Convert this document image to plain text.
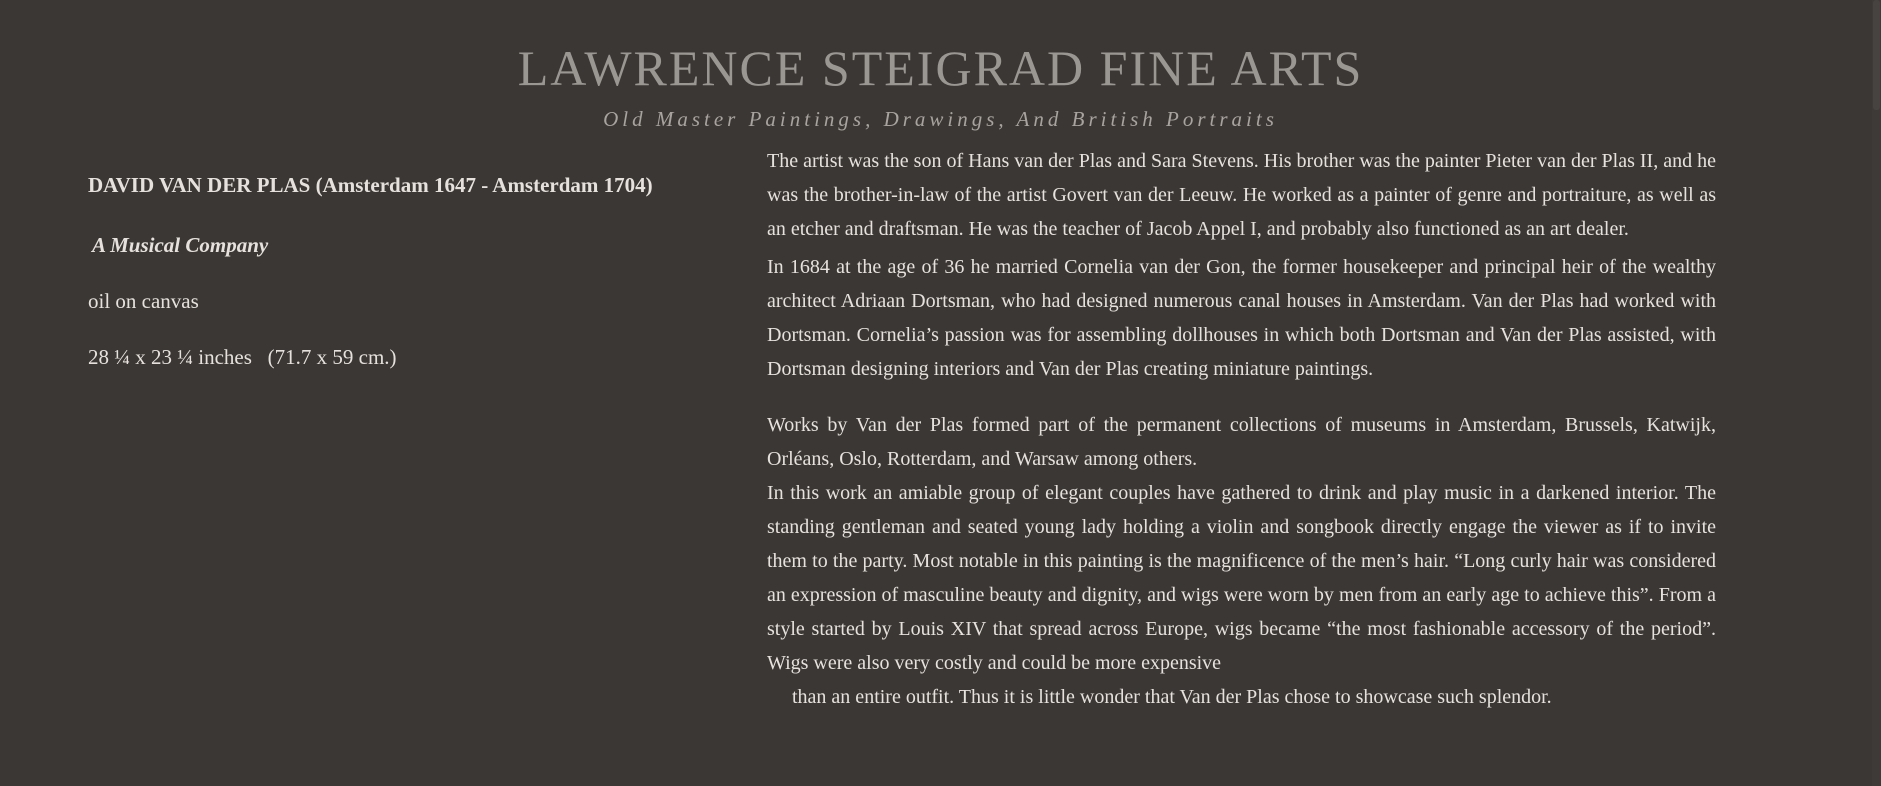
LAWRENCE STEIGRAD FINE ARTS
Old Master Paintings, Drawings, And British Portraits
DAVID VAN DER PLAS (Amsterdam 1647 - Amsterdam 1704)
A Musical Company
oil on canvas
28 ¼ x 23 ¼ inches   (71.7 x 59 cm.)

The artist was the son of Hans van der Plas and Sara Stevens. His brother was the painter Pieter van der Plas II, and he was the brother-in-law of the artist Govert van der Leeuw. He worked as a painter of genre and portraiture, as well as an etcher and draftsman. He was the teacher of Jacob Appel I, and probably also functioned as an art dealer.

In 1684 at the age of 36 he married Cornelia van der Gon, the former housekeeper and principal heir of the wealthy architect Adriaan Dortsman, who had designed numerous canal houses in Amsterdam. Van der Plas had worked with Dortsman. Cornelia’s passion was for assembling dollhouses in which both Dortsman and Van der Plas assisted, with Dortsman designing interiors and Van der Plas creating miniature paintings.

Works by Van der Plas formed part of the permanent collections of museums in Amsterdam, Brussels, Katwijk, Orléans, Oslo, Rotterdam, and Warsaw among others.

In this work an amiable group of elegant couples have gathered to drink and play music in a darkened interior. The standing gentleman and seated young lady holding a violin and songbook directly engage the viewer as if to invite them to the party. Most notable in this painting is the magnificence of the men’s hair. “Long curly hair was considered an expression of masculine beauty and dignity, and wigs were worn by men from an early age to achieve this”. From a style started by Louis XIV that spread across Europe, wigs became “the most fashionable accessory of the period”. Wigs were also very costly and could be more expensive

than an entire outfit. Thus it is little wonder that Van der Plas chose to showcase such splendor.
